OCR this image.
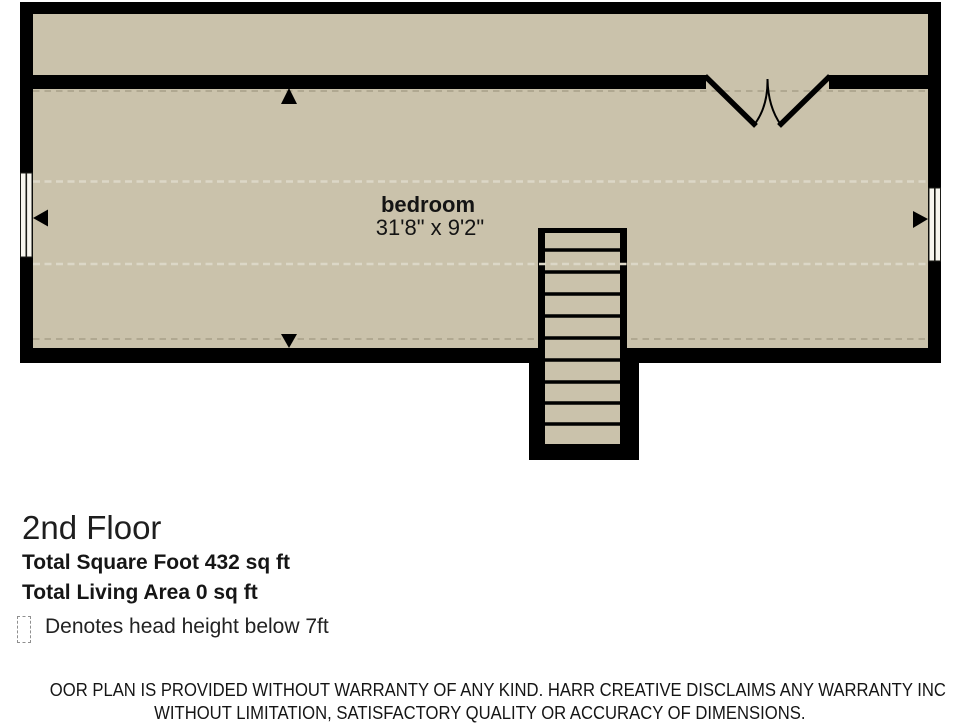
bedroom
31'8" x 9'2"
2nd Floor
Total Square Foot 432 sq ft
Total Living Area 0 sq ft
Denotes head height below 7ft
OOR PLAN IS PROVIDED WITHOUT WARRANTY OF ANY KIND. HARR CREATIVE DISCLAIMS ANY WARRANTY INC
WITHOUT LIMITATION, SATISFACTORY QUALITY OR ACCURACY OF DIMENSIONS.
